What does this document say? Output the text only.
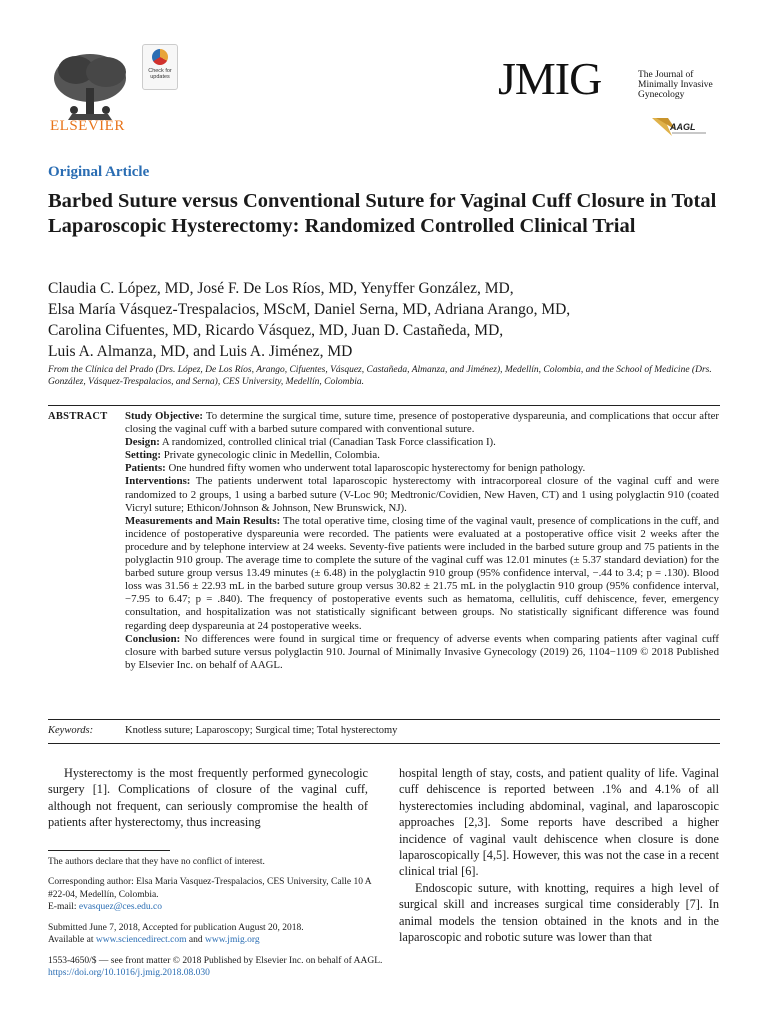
ELSEVIER
Check for updates	JMIG	The Journal of
Minimally Invasive
Gynecology
AAGL
Original Article
Barbed Suture versus Conventional Suture for Vaginal Cuff Closure in Total Laparoscopic Hysterectomy: Randomized Controlled Clinical Trial
Claudia C. López, MD, José F. De Los Ríos, MD, Yenyffer González, MD,
Elsa María Vásquez-Trespalacios, MScM, Daniel Serna, MD, Adriana Arango, MD,
Carolina Cifuentes, MD, Ricardo Vásquez, MD, Juan D. Castañeda, MD,
Luis A. Almanza, MD, and Luis A. Jiménez, MD
From the Clínica del Prado (Drs. López, De Los Ríos, Arango, Cifuentes, Vásquez, Castañeda, Almanza, and Jiménez), Medellín, Colombia, and the School of Medicine (Drs. González, Vásquez-Trespalacios, and Serna), CES University, Medellín, Colombia.
ABSTRACT Study Objective: To determine the surgical time, suture time, presence of postoperative dyspareunia, and complications that occur after closing the vaginal cuff with a barbed suture compared with conventional suture.

Design: A randomized, controlled clinical trial (Canadian Task Force classification I).

Setting: Private gynecologic clinic in Medellin, Colombia.

Patients: One hundred fifty women who underwent total laparoscopic hysterectomy for benign pathology.

Interventions: The patients underwent total laparoscopic hysterectomy with intracorporeal closure of the vaginal cuff and were randomized to 2 groups, 1 using a barbed suture (V-Loc 90; Medtronic/Covidien, New Haven, CT) and 1 using polyglactin 910 (coated Vicryl suture; Ethicon/Johnson & Johnson, New Brunswick, NJ).

Measurements and Main Results: The total operative time, closing time of the vaginal vault, presence of complications in the cuff, and incidence of postoperative dyspareunia were recorded. The patients were evaluated at a postoperative office visit 2 weeks after the procedure and by telephone interview at 24 weeks. Seventy-five patients were included in the barbed suture group and 75 patients in the polyglactin 910 group. The average time to complete the suture of the vaginal cuff was 12.01 minutes (± 5.37 standard deviation) for the barbed suture group versus 13.49 minutes (± 6.48) in the polyglactin 910 group (95% confidence interval, −.44 to 3.4; p = .130). Blood loss was 31.56 ± 22.93 mL in the barbed suture group versus 30.82 ± 21.75 mL in the polyglactin 910 group (95% confidence interval, −7.95 to 6.47; p = .840). The frequency of postoperative events such as hematoma, cellulitis, cuff dehiscence, fever, emergency consultation, and hospitalization was not statistically significant between groups. No statistically significant difference was found regarding deep dyspareunia at 24 postoperative weeks.

Conclusion: No differences were found in surgical time or frequency of adverse events when comparing patients after vaginal cuff closure with barbed suture versus polyglactin 910. Journal of Minimally Invasive Gynecology (2019) 26, 1104−1109 © 2018 Published by Elsevier Inc. on behalf of AAGL.

Keywords:	Knotless suture; Laparoscopy; Surgical time; Total hysterectomy

Hysterectomy is the most frequently performed gynecologic surgery [1]. Complications of closure of the vaginal cuff, although not frequent, can seriously compromise the health of patients after hysterectomy, thus increasing

hospital length of stay, costs, and patient quality of life. Vaginal cuff dehiscence is reported between .1% and 4.1% of all hysterectomies including abdominal, vaginal, and laparoscopic approaches [2,3]. Some reports have described a higher incidence of vaginal vault dehiscence when closure is done laparoscopically [4,5]. However, this was not the case in a recent clinical trial [6].

Endoscopic suture, with knotting, requires a high level of surgical skill and increases surgical time considerably [7]. In animal models the tension obtained in the knots and in the laparoscopic and robotic suture was lower than that

The authors declare that they have no conflict of interest.

Corresponding author: Elsa Maria Vasquez-Trespalacios, CES University, Calle 10 A #22-04, Medellín, Colombia.
E-mail: evasquez@ces.edu.co
Submitted June 7, 2018, Accepted for publication August 20, 2018.
Available at www.sciencedirect.com and www.jmig.org
1553-4650/$ — see front matter © 2018 Published by Elsevier Inc. on behalf of AAGL.
https://doi.org/10.1016/j.jmig.2018.08.030
